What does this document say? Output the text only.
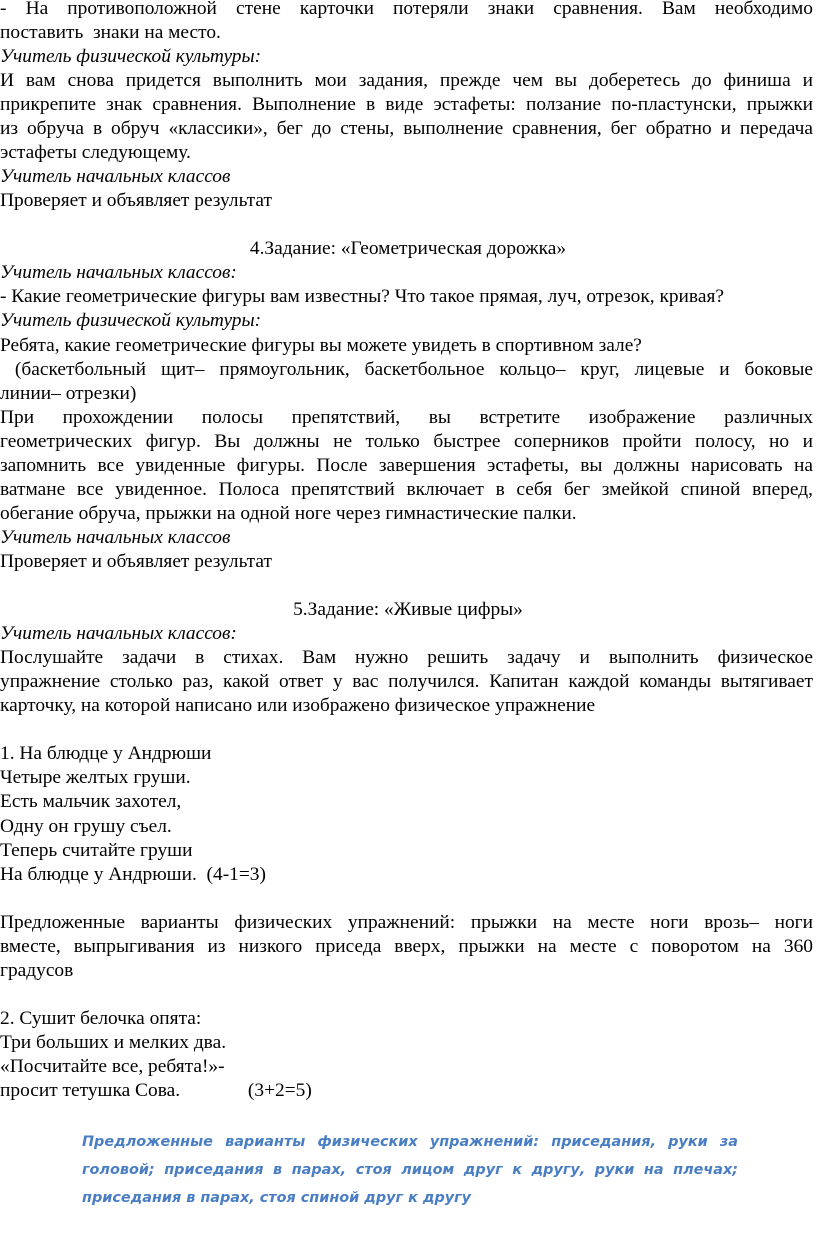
- На противоположной стене карточки потеряли знаки сравнения. Вам необходимо
поставить  знаки на место.
Учитель физической культуры:
И вам снова придется выполнить мои задания, прежде чем вы доберетесь до финиша и
прикрепите знак сравнения. Выполнение в виде эстафеты: ползание по-пластунски, прыжки
из обруча в обруч «классики», бег до стены, выполнение сравнения, бег обратно и передача
эстафеты следующему.
Учитель начальных классов
Проверяет и объявляет результат
4.Задание: «Геометрическая дорожка»
Учитель начальных классов:
- Какие геометрические фигуры вам известны? Что такое прямая, луч, отрезок, кривая?
Учитель физической культуры:
Ребята, какие геометрические фигуры вы можете увидеть в спортивном зале?
(баскетбольный щит– прямоугольник, баскетбольное кольцо– круг, лицевые и боковые
линии– отрезки)
При прохождении полосы препятствий, вы встретите изображение различных
геометрических фигур. Вы должны не только быстрее соперников пройти полосу, но и
запомнить все увиденные фигуры. После завершения эстафеты, вы должны нарисовать на
ватмане все увиденное. Полоса препятствий включает в себя бег змейкой спиной вперед,
обегание обруча, прыжки на одной ноге через гимнастические палки.
Учитель начальных классов
Проверяет и объявляет результат
5.Задание: «Живые цифры»
Учитель начальных классов:
Послушайте задачи в стихах. Вам нужно решить задачу и выполнить физическое
упражнение столько раз, какой ответ у вас получился. Капитан каждой команды вытягивает
карточку, на которой написано или изображено физическое упражнение
1. На блюдце у Андрюши
Четыре желтых груши.
Есть мальчик захотел,
Одну он грушу съел.
Теперь считайте груши
На блюдце у Андрюши.  (4-1=3)
Предложенные варианты физических упражнений: прыжки на месте ноги врозь– ноги
вместе, выпрыгивания из низкого приседа вверх, прыжки на месте с поворотом на 360
градусов
2. Сушит белочка опята:
Три больших и мелких два.
«Посчитайте все, ребята!»-
просит тетушка Сова.              (3+2=5)
Предложенные варианты физических упражнений: приседания, руки за
головой; приседания в парах, стоя лицом друг к другу, руки на плечах;
приседания в парах, стоя спиной друг к другу
